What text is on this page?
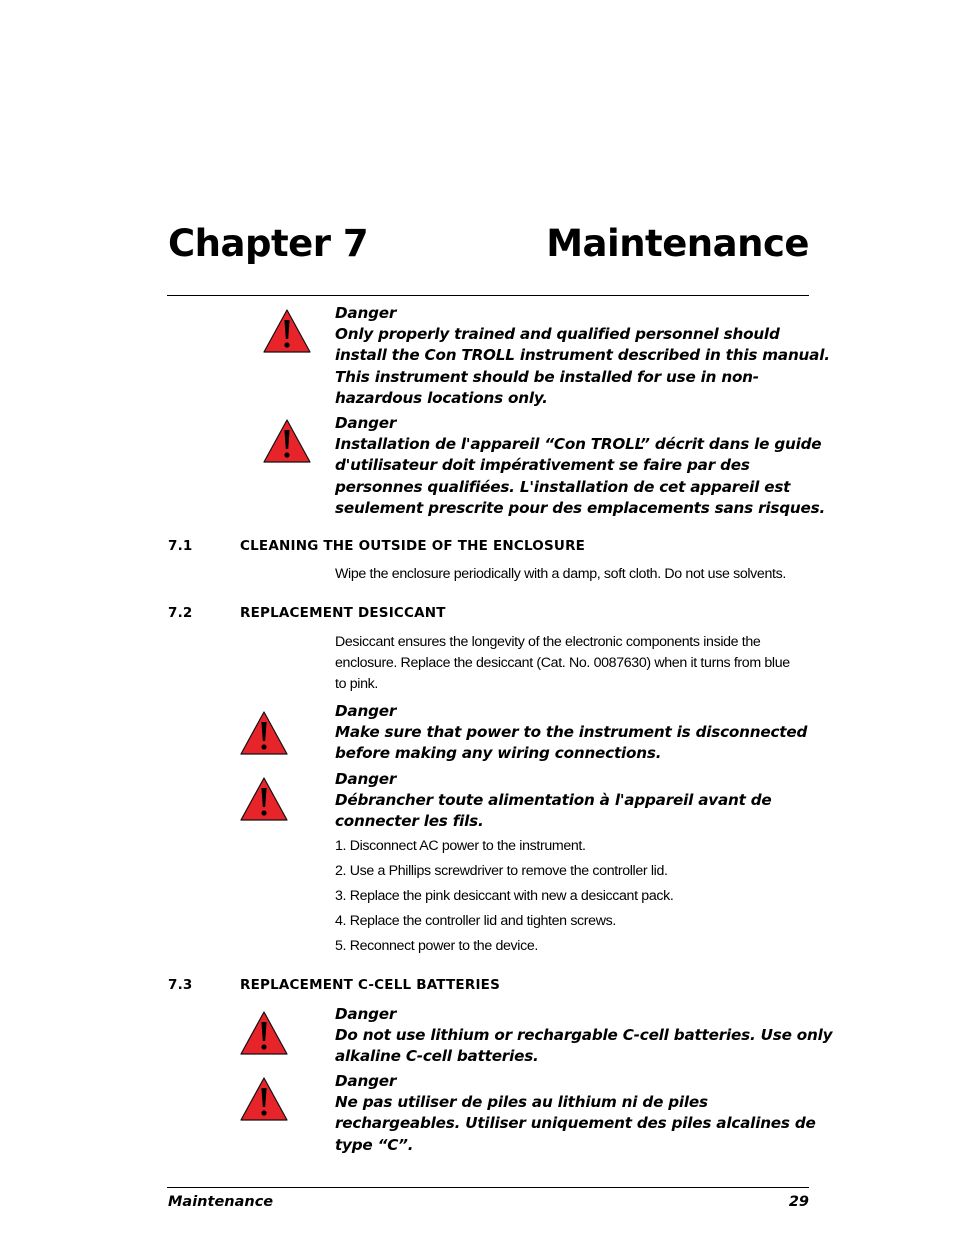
Chapter 7	Maintenance
Danger
Only properly trained and qualified personnel should
install the Con TROLL instrument described in this manual.
This instrument should be installed for use in non-
hazardous locations only.
Danger
Installation de l'appareil “Con TROLL” décrit dans le guide
d'utilisateur doit impérativement se faire par des
personnes qualifiées. L'installation de cet appareil est
seulement prescrite pour des emplacements sans risques.
7.1	CLEANING THE OUTSIDE OF THE ENCLOSURE
Wipe the enclosure periodically with a damp, soft cloth. Do not use solvents.
7.2	REPLACEMENT DESICCANT
Desiccant ensures the longevity of the electronic components inside the
enclosure. Replace the desiccant (Cat. No. 0087630) when it turns from blue
to pink.
Danger
Make sure that power to the instrument is disconnected
before making any wiring connections.
Danger
Débrancher toute alimentation à l'appareil avant de
connecter les fils.
1. Disconnect AC power to the instrument.
2. Use a Phillips screwdriver to remove the controller lid.
3. Replace the pink desiccant with new a desiccant pack.
4. Replace the controller lid and tighten screws.
5. Reconnect power to the device.
7.3	REPLACEMENT C-CELL BATTERIES
Danger
Do not use lithium or rechargable C-cell batteries. Use only
alkaline C-cell batteries.
Danger
Ne pas utiliser de piles au lithium ni de piles
rechargeables. Utiliser uniquement des piles alcalines de
type “C”.
Maintenance	29
